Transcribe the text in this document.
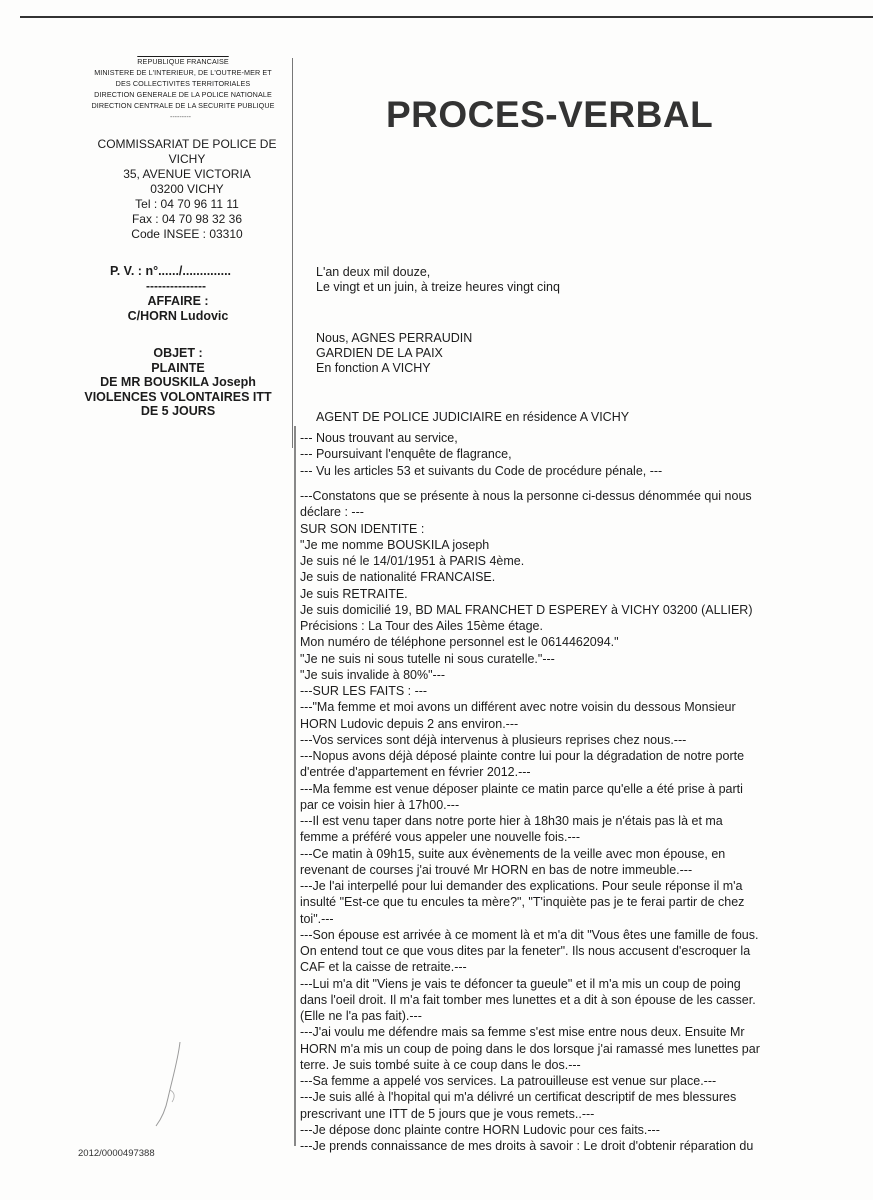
REPUBLIQUE FRANCAISE
MINISTERE DE L'INTERIEUR, DE L'OUTRE-MER ET
DES COLLECTIVITES TERRITORIALES
DIRECTION GENERALE DE LA POLICE NATIONALE
DIRECTION CENTRALE DE LA SECURITE PUBLIQUE
---------
COMMISSARIAT DE POLICE DE
VICHY
35, AVENUE VICTORIA
03200 VICHY
Tel : 04 70 96 11 11
Fax : 04 70 98 32 36
Code INSEE : 03310
PROCES-VERBAL
P. V. : n°....../..............
---------------
AFFAIRE :
C/HORN Ludovic
OBJET :
PLAINTE
DE MR BOUSKILA Joseph
VIOLENCES VOLONTAIRES ITT
DE 5 JOURS
L'an deux mil douze,
Le vingt et un juin, à treize heures vingt cinq
Nous, AGNES PERRAUDIN
GARDIEN DE LA PAIX
En fonction A VICHY
AGENT DE POLICE JUDICIAIRE en résidence A VICHY
--- Nous trouvant au service,
--- Poursuivant l'enquête de flagrance,
--- Vu les articles 53 et suivants du Code de procédure pénale, ---
---Constatons que se présente à nous la personne ci-dessus dénommée qui nous
déclare : ---
SUR SON IDENTITE :
"Je me nomme BOUSKILA joseph
Je suis né le 14/01/1951 à PARIS 4ème.
Je suis de nationalité FRANCAISE.
Je suis RETRAITE.
Je suis domicilié 19, BD MAL FRANCHET D ESPEREY à VICHY 03200 (ALLIER)
Précisions : La Tour des Ailes 15ème étage.
Mon numéro de téléphone personnel est le 0614462094."
"Je ne suis ni sous tutelle ni sous curatelle."---
"Je suis invalide à 80%"---
---SUR LES FAITS : ---
---"Ma femme et moi avons un différent avec notre voisin du dessous Monsieur
HORN Ludovic depuis 2 ans environ.---
---Vos services sont déjà intervenus à plusieurs reprises chez nous.---
---Nopus avons déjà déposé plainte contre lui pour la dégradation de notre porte
d'entrée d'appartement en février 2012.---
---Ma femme est venue déposer plainte ce matin parce qu'elle a été prise à parti
par ce voisin hier à 17h00.---
---Il est venu taper dans notre porte hier à 18h30 mais je n'étais pas là et ma
femme a préféré vous appeler une nouvelle fois.---
---Ce matin à 09h15, suite aux évènements de la veille avec mon épouse, en
revenant de courses j'ai trouvé Mr HORN en bas de notre immeuble.---
---Je l'ai interpellé pour lui demander des explications. Pour seule réponse il m'a
insulté "Est-ce que tu encules ta mère?", "T'inquiète pas je te ferai partir de chez
toi".---
---Son épouse est arrivée à ce moment là et m'a dit "Vous êtes une famille de fous.
On entend tout ce que vous dites par la feneter". Ils nous accusent d'escroquer la
CAF et la caisse de retraite.---
---Lui m'a dit "Viens je vais te défoncer ta gueule" et il m'a mis un coup de poing
dans l'oeil droit. Il m'a fait tomber mes lunettes et a dit à son épouse de les casser.
(Elle ne l'a pas fait).---
---J'ai voulu me défendre mais sa femme s'est mise entre nous deux. Ensuite Mr
HORN m'a mis un coup de poing dans le dos lorsque j'ai ramassé mes lunettes par
terre. Je suis tombé suite à ce coup dans le dos.---
---Sa femme a appelé vos services. La patrouilleuse est venue sur place.---
---Je suis allé à l'hopital qui m'a délivré un certificat descriptif de mes blessures
prescrivant une ITT de 5 jours que je vous remets..---
---Je dépose donc plainte contre HORN Ludovic pour ces faits.---
---Je prends connaissance de mes droits à savoir : Le droit d'obtenir réparation du
2012/0000497388
